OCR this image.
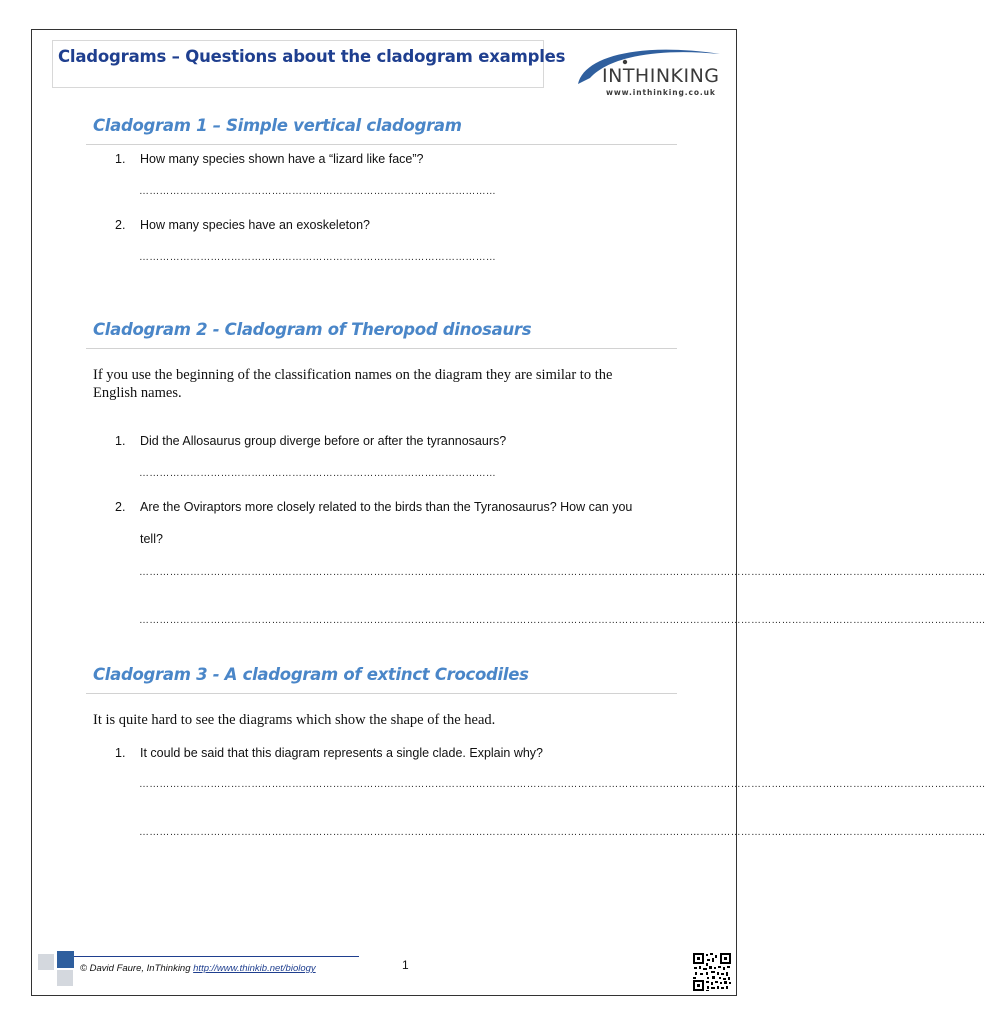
Cladograms – Questions about the cladogram examples
INTHINKING
www.inthinking.co.uk
Cladogram 1 – Simple vertical cladogram
1. How many species shown have a “lizard like face”?
……………………………………………………………………………………………
2. How many species have an exoskeleton?
……………………………………………………………………………………………
Cladogram 2 - Cladogram of Theropod dinosaurs
If you use the beginning of the classification names on the diagram they are similar to the
English names.
1. Did the Allosaurus group diverge before or after the tyrannosaurs?
……………………………………………………………………………………………
2. Are the Oviraptors more closely related to the birds than the Tyranosaurus? How can you
tell?
……………………………………………………………………………………………………………………………………………………………………………………………………………………………
……………………………………………………………………………………………………………………………………………………………………………………………………………………………
Cladogram 3 - A cladogram of extinct Crocodiles
It is quite hard to see the diagrams which show the shape of the head.
1. It could be said that this diagram represents a single clade. Explain why?
……………………………………………………………………………………………………………………………………………………………………………………………………………………………
……………………………………………………………………………………………………………………………………………………………………………………………………………………………
© David Faure, InThinking http://www.thinkib.net/biology	1
